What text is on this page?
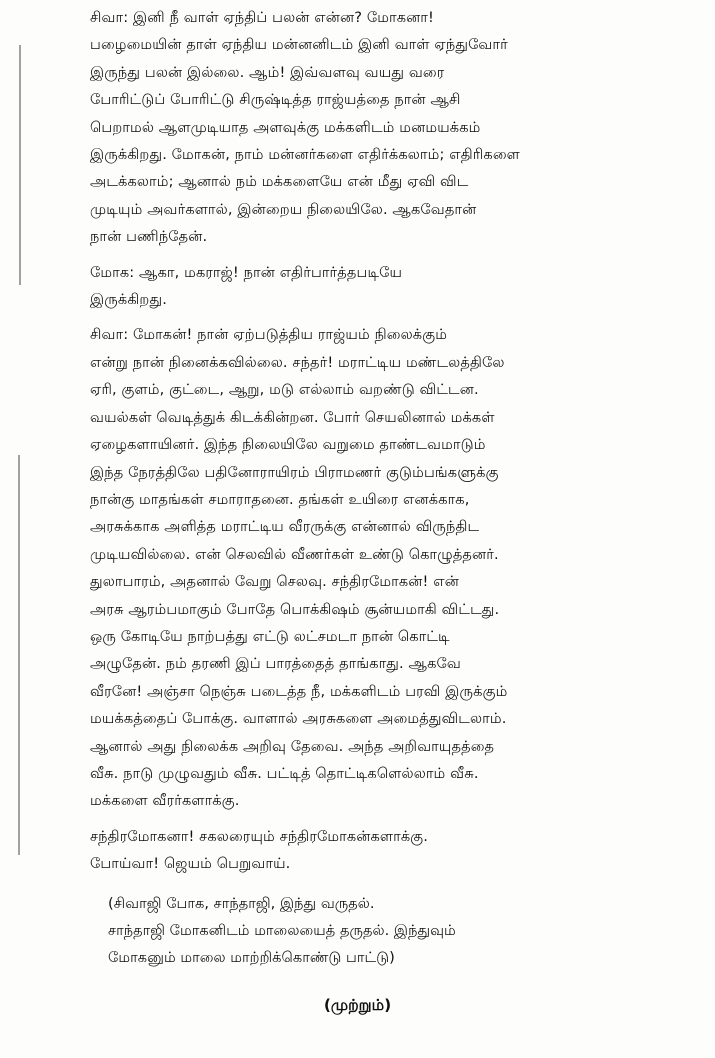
சிவா: இனி நீ வாள் ஏந்திப் பலன் என்ன? மோகனா!
பழைமையின் தாள் ஏந்திய மன்னனிடம் இனி வாள் ஏந்துவோர்
இருந்து பலன் இல்லை. ஆம்! இவ்வளவு வயது வரை
போரிட்டுப் போரிட்டு சிருஷ்டித்த ராஜ்யத்தை நான் ஆசி
பெறாமல் ஆளமுடியாத அளவுக்கு மக்களிடம் மனமயக்கம்
இருக்கிறது. மோகன், நாம் மன்னர்களை எதிர்க்கலாம்; எதிரிகளை
அடக்கலாம்; ஆனால் நம் மக்களையே என் மீது ஏவி விட
முடியும் அவர்களால், இன்றைய நிலையிலே. ஆகவேதான்
நான் பணிந்தேன்.

மோக: ஆகா, மகராஜ்! நான் எதிர்பார்த்தபடியே
இருக்கிறது.

சிவா: மோகன்! நான் ஏற்படுத்திய ராஜ்யம் நிலைக்கும்
என்று நான் நினைக்கவில்லை. சந்தர்! மராட்டிய மண்டலத்திலே
ஏரி, குளம், குட்டை, ஆறு, மடு எல்லாம் வறண்டு விட்டன.
வயல்கள் வெடித்துக் கிடக்கின்றன. போர் செயலினால் மக்கள்
ஏழைகளாயினர். இந்த நிலையிலே வறுமை தாண்டவமாடும்
இந்த நேரத்திலே பதினோராயிரம் பிராமணர் குடும்பங்களுக்கு
நான்கு மாதங்கள் சமாராதனை. தங்கள் உயிரை எனக்காக,
அரசுக்காக அளித்த மராட்டிய வீரருக்கு என்னால் விருந்திட
முடியவில்லை. என் செலவில் வீணர்கள் உண்டு கொழுத்தனர்.
துலாபாரம், அதனால் வேறு செலவு. சந்திரமோகன்! என்
அரசு ஆரம்பமாகும் போதே பொக்கிஷம் சூன்யமாகி விட்டது.
ஒரு கோடியே நாற்பத்து எட்டு லட்சமடா நான் கொட்டி
அழுதேன். நம் தரணி இப் பாரத்தைத் தாங்காது. ஆகவே
வீரனே! அஞ்சா நெஞ்சு படைத்த நீ, மக்களிடம் பரவி இருக்கும்
மயக்கத்தைப் போக்கு. வாளால் அரசுகளை அமைத்துவிடலாம்.
ஆனால் அது நிலைக்க அறிவு தேவை. அந்த அறிவாயுதத்தை
வீசு. நாடு முழுவதும் வீசு. பட்டித் தொட்டிகளெல்லாம் வீசு.
மக்களை வீரர்களாக்கு.

சந்திரமோகனா! சகலரையும் சந்திரமோகன்களாக்கு.
போய்வா! ஜெயம் பெறுவாய்.

(சிவாஜி போக, சாந்தாஜி, இந்து வருதல்.
சாந்தாஜி மோகனிடம் மாலையைத் தருதல். இந்துவும்
மோகனும் மாலை மாற்றிக்கொண்டு பாட்டு)
(முற்றும்)
